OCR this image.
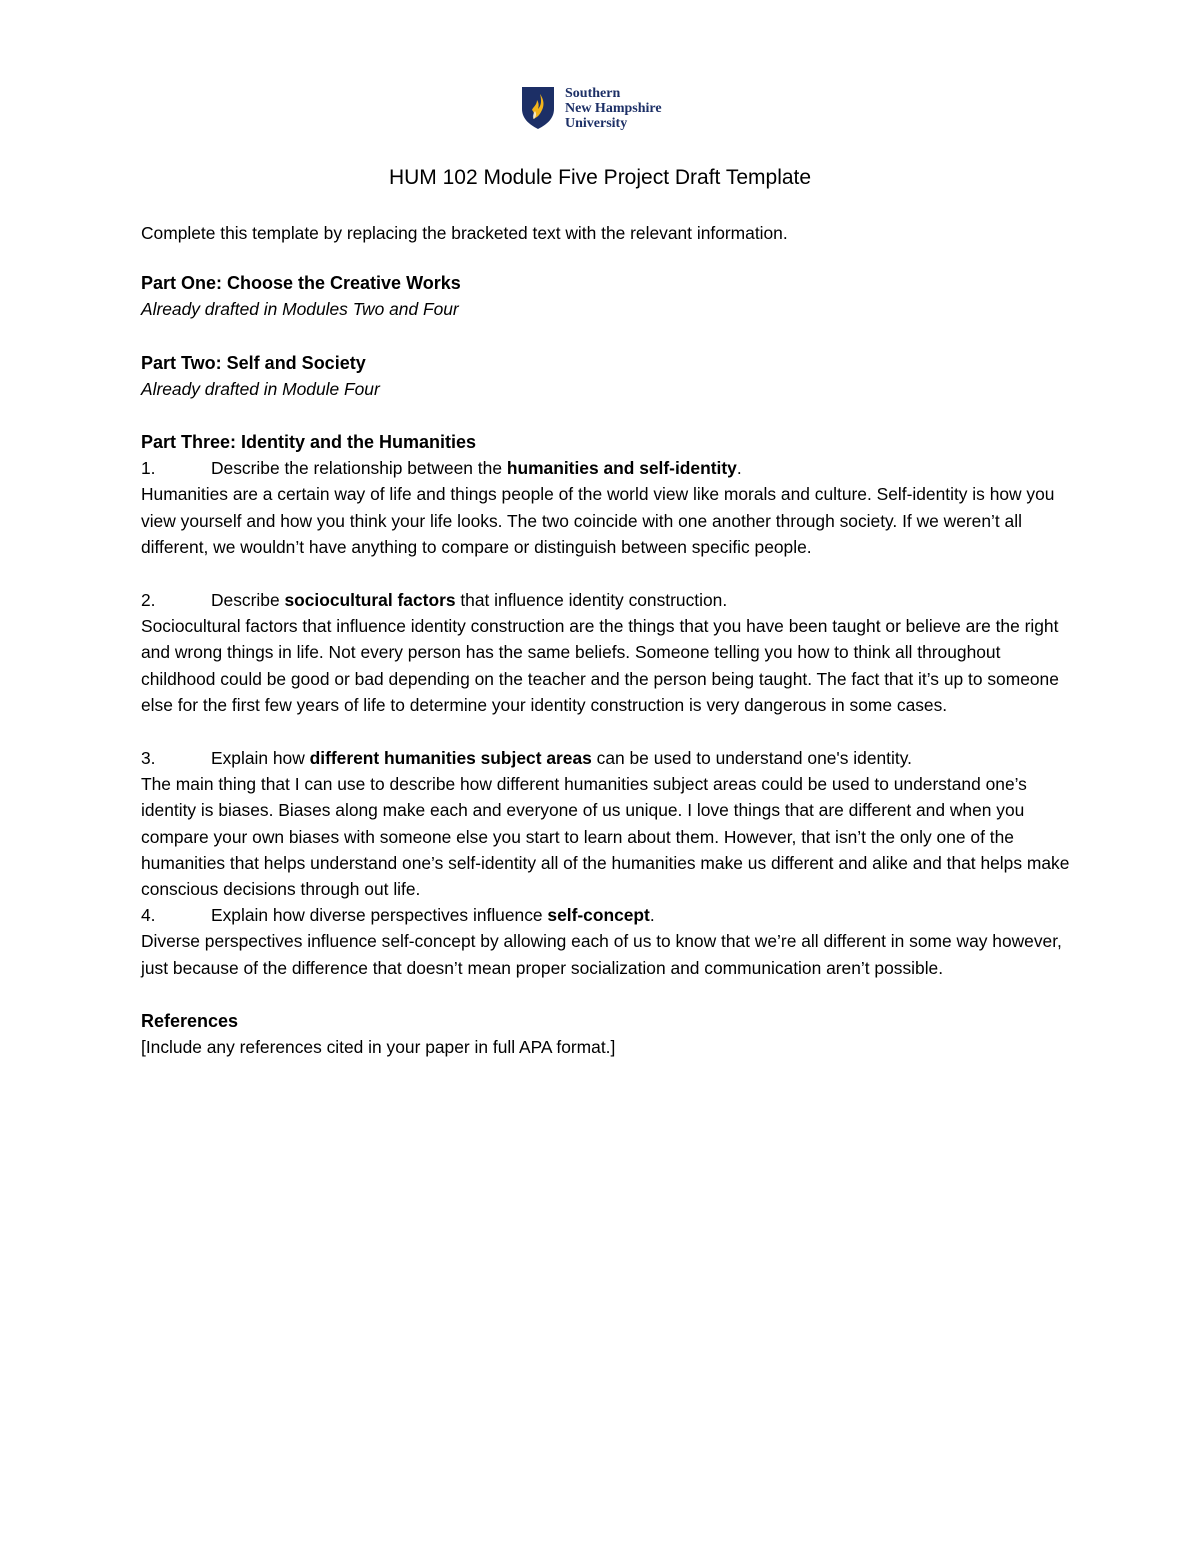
Southern
New Hampshire
University
HUM 102 Module Five Project Draft Template

Complete this template by replacing the bracketed text with the relevant information.

Part One: Choose the Creative Works

Already drafted in Modules Two and Four

Part Two: Self and Society

Already drafted in Module Four

Part Three: Identity and the Humanities

1.	Describe the relationship between the humanities and self-identity.

Humanities are a certain way of life and things people of the world view like morals and culture. Self-identity is how you view yourself and how you think your life looks. The two coincide with one another through society. If we weren’t all different, we wouldn’t have anything to compare or distinguish between specific people.

2.	Describe sociocultural factors that influence identity construction.

Sociocultural factors that influence identity construction are the things that you have been taught or believe are the right and wrong things in life. Not every person has the same beliefs. Someone telling you how to think all throughout childhood could be good or bad depending on the teacher and the person being taught. The fact that it’s up to someone else for the first few years of life to determine your identity construction is very dangerous in some cases.

3.	Explain how different humanities subject areas can be used to understand one's identity.

The main thing that I can use to describe how different humanities subject areas could be used to understand one’s identity is biases. Biases along make each and everyone of us unique. I love things that are different and when you compare your own biases with someone else you start to learn about them. However, that isn’t the only one of the humanities that helps understand one’s self-identity all of the humanities make us different and alike and that helps make conscious decisions through out life.

4.	Explain how diverse perspectives influence self-concept.

Diverse perspectives influence self-concept by allowing each of us to know that we’re all different in some way however, just because of the difference that doesn’t mean proper socialization and communication aren’t possible.

References

[Include any references cited in your paper in full APA format.]
